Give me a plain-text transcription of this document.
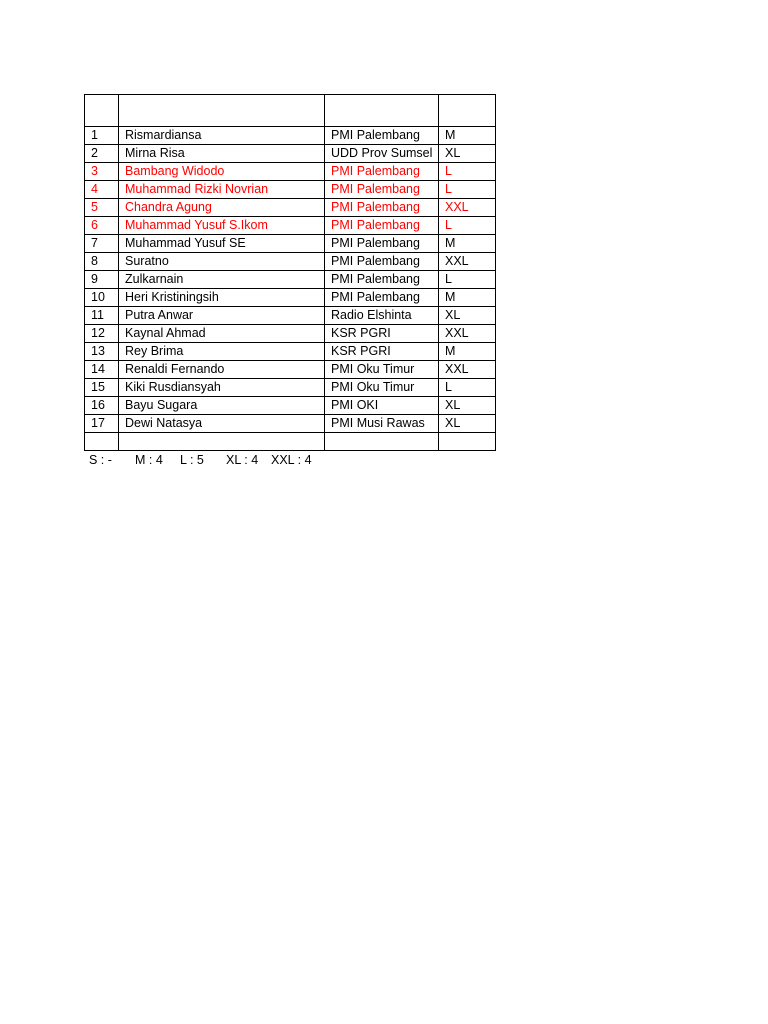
1	Rismardiansa	PMI Palembang	M
2	Mirna Risa	UDD Prov Sumsel	XL
3	Bambang Widodo	PMI Palembang	L
4	Muhammad Rizki Novrian	PMI Palembang	L
5	Chandra Agung	PMI Palembang	XXL
6	Muhammad Yusuf S.Ikom	PMI Palembang	L
7	Muhammad Yusuf SE	PMI Palembang	M
8	Suratno	PMI Palembang	XXL
9	Zulkarnain	PMI Palembang	L
10	Heri Kristiningsih	PMI Palembang	M
11	Putra Anwar	Radio Elshinta	XL
12	Kaynal Ahmad	KSR PGRI	XXL
13	Rey Brima	KSR PGRI	M
14	Renaldi Fernando	PMI Oku Timur	XXL
15	Kiki Rusdiansyah	PMI Oku Timur	L
16	Bayu Sugara	PMI OKI	XL
17	Dewi Natasya	PMI Musi Rawas	XL

S : - M : 4 L : 5 XL : 4 XXL : 4
